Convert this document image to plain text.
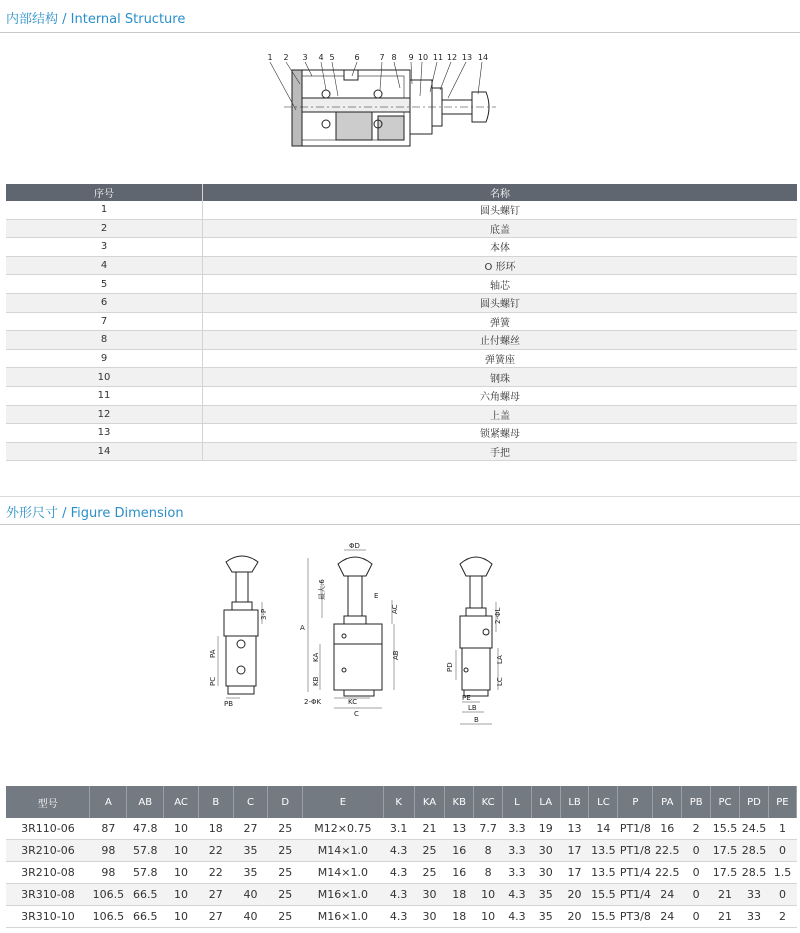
内部结构 / Internal Structure
1 2 3 4 5 6 7 8 9 10 11 12 13 14
序号	名称
1	圆头螺钉
2	底盖
3	本体
4	O 形环
5	轴芯
6	圆头螺钉
7	弹簧
8	止付螺丝
9	弹簧座
10	钢珠
11	六角螺母
12	上盖
13	锁紧螺母
14	手把
外形尺寸 / Figure Dimension
ΦD
最大:6	E
A
AC
AB
KA
KB
2-ΦK	KC
C
3-P
PA
PC
PB
2-ΦL
LA
LC
PD
PE
LB
B
型号	A	AB	AC	B	C	D	E	K	KA	KB	KC	L	LA	LB	LC	P	PA	PB	PC	PD	PE
3R110-06	87	47.8	10	18	27	25	M12×0.75	3.1	21	13	7.7	3.3	19	13	14	PT1/8	16	2	15.5	24.5	1
3R210-06	98	57.8	10	22	35	25	M14×1.0	4.3	25	16	8	3.3	30	17	13.5	PT1/8	22.5	0	17.5	28.5	0
3R210-08	98	57.8	10	22	35	25	M14×1.0	4.3	25	16	8	3.3	30	17	13.5	PT1/4	22.5	0	17.5	28.5	1.5
3R310-08	106.5	66.5	10	27	40	25	M16×1.0	4.3	30	18	10	4.3	35	20	15.5	PT1/4	24	0	21	33	0
3R310-10	106.5	66.5	10	27	40	25	M16×1.0	4.3	30	18	10	4.3	35	20	15.5	PT3/8	24	0	21	33	2
